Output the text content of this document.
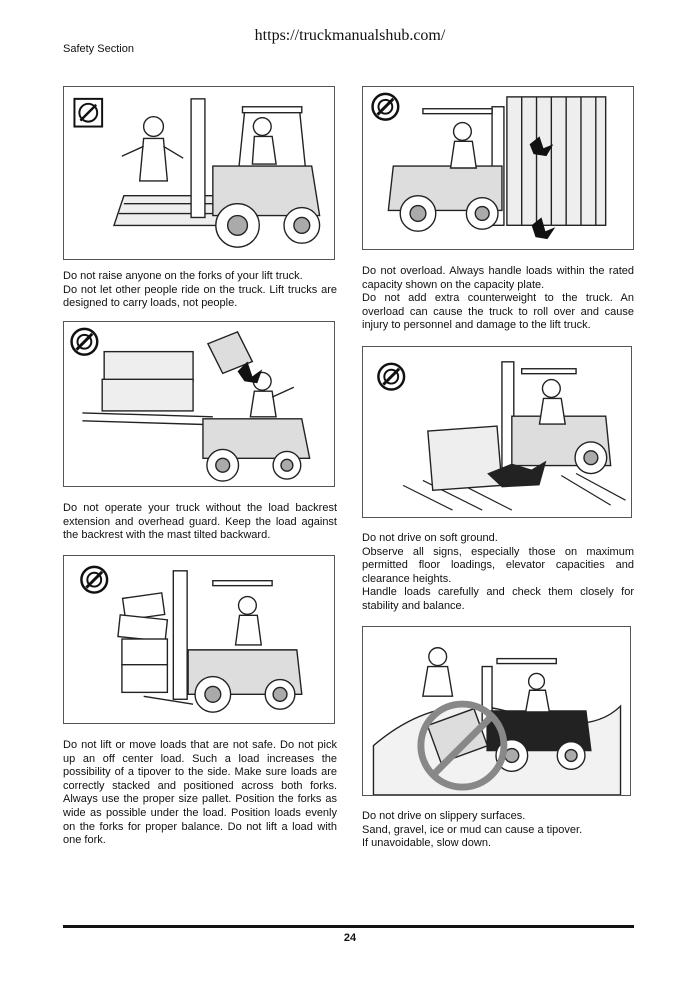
https://truckmanualshub.com/
Safety Section

Do not raise anyone on the forks of your lift truck.

Do not let other people ride on the truck. Lift trucks are designed to carry loads, not people.

Do not operate your truck without the load backrest extension and overhead guard. Keep the load against the backrest with the mast tilted backward.

Do not lift or move loads that are not safe. Do not pick up an off center load. Such a load increases the possibility of a tipover to the side. Make sure loads are correctly stacked and positioned across both forks. Always use the proper size pallet. Position the forks as wide as possible under the load. Position loads evenly on the forks for proper balance. Do not lift a load with one fork.

Do not overload. Always handle loads within the rated capacity shown on the capacity plate.

Do not add extra counterweight to the truck. An overload can cause the truck to roll over and cause injury to personnel and damage to the lift truck.

Do not drive on soft ground.

Observe all signs, especially those on maximum permitted floor loadings, elevator capacities and clearance heights.

Handle loads carefully and check them closely for stability and balance.

Do not drive on slippery surfaces.

Sand, gravel, ice or mud can cause a tipover.

If unavoidable, slow down.

24
